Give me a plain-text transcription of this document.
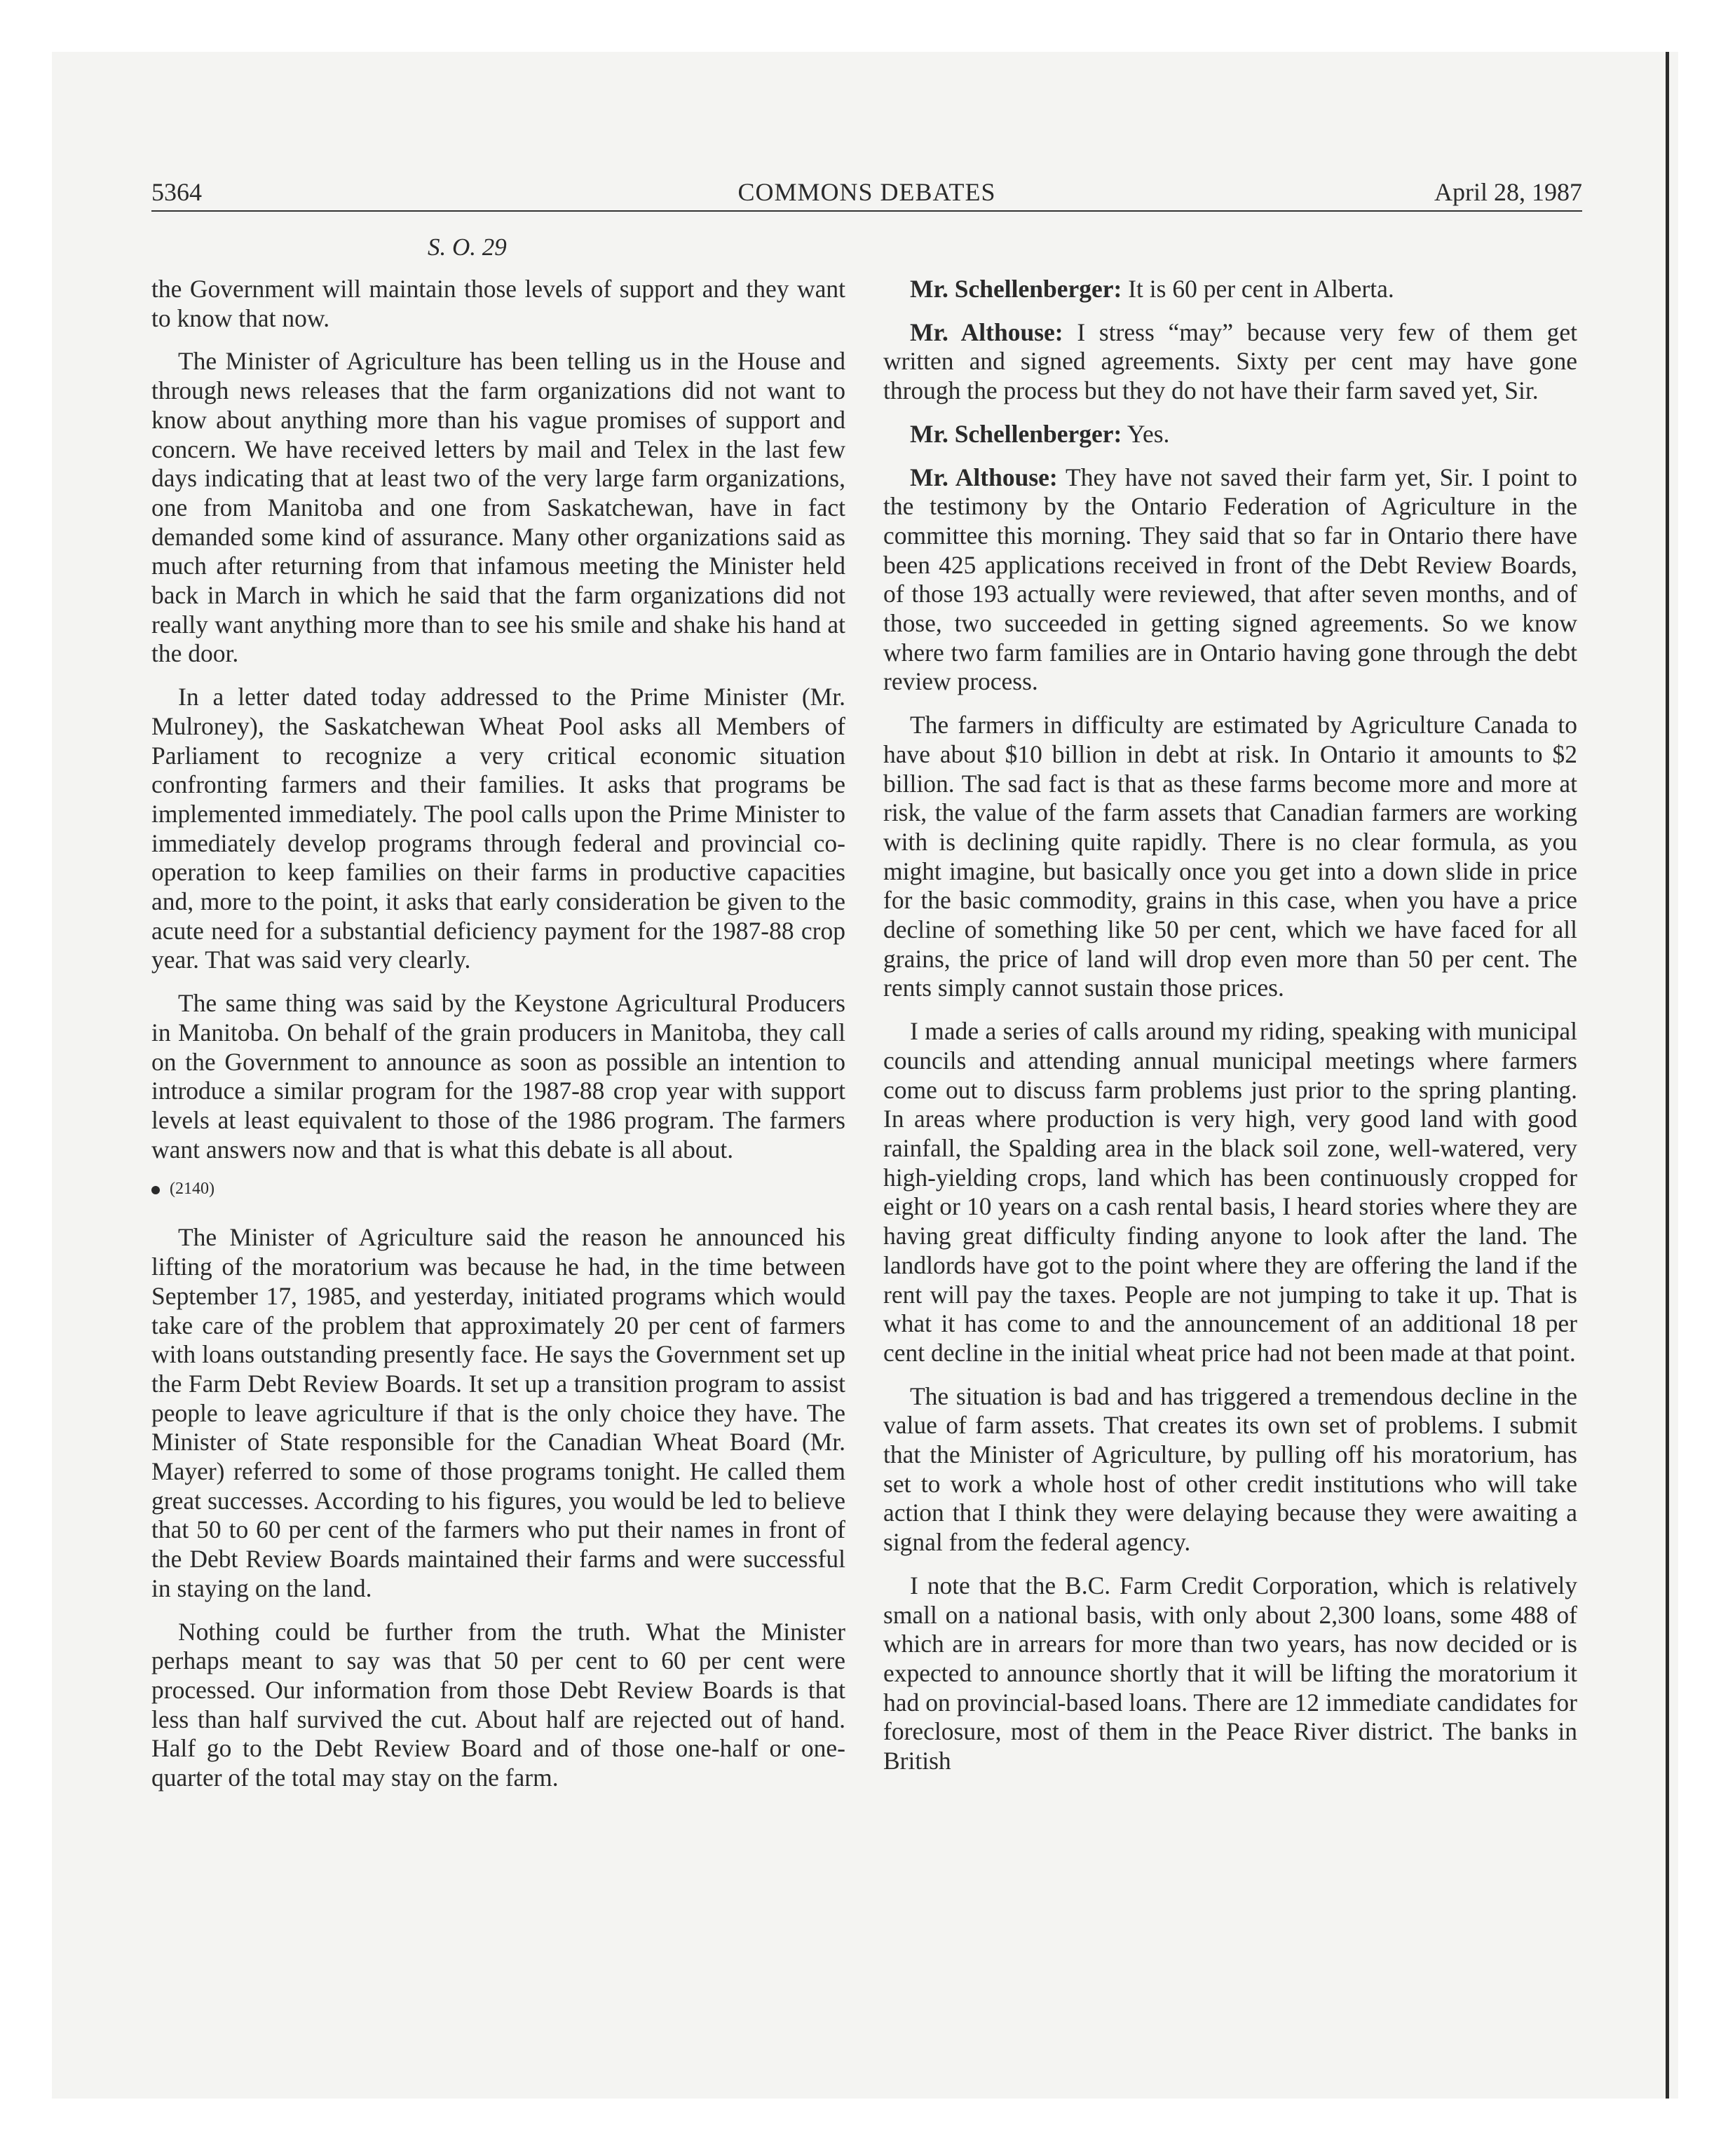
5364	COMMONS DEBATES	April 28, 1987
S. O. 29

the Government will maintain those levels of support and they want to know that now.

The Minister of Agriculture has been telling us in the House and through news releases that the farm organizations did not want to know about anything more than his vague promises of support and concern. We have received letters by mail and Telex in the last few days indicating that at least two of the very large farm organizations, one from Manitoba and one from Saskatchewan, have in fact demanded some kind of assurance. Many other organizations said as much after returning from that infamous meeting the Minister held back in March in which he said that the farm organizations did not really want anything more than to see his smile and shake his hand at the door.

In a letter dated today addressed to the Prime Minister (Mr. Mulroney), the Saskatchewan Wheat Pool asks all Members of Parliament to recognize a very critical economic situation confronting farmers and their families. It asks that programs be implemented immediately. The pool calls upon the Prime Minister to immediately develop programs through federal and provincial co-operation to keep families on their farms in productive capacities and, more to the point, it asks that early consideration be given to the acute need for a substantial deficiency payment for the 1987-88 crop year. That was said very clearly.

The same thing was said by the Keystone Agricultural Producers in Manitoba. On behalf of the grain producers in Manitoba, they call on the Government to announce as soon as possible an intention to introduce a similar program for the 1987-88 crop year with support levels at least equivalent to those of the 1986 program. The farmers want answers now and that is what this debate is all about.

(2140)

The Minister of Agriculture said the reason he announced his lifting of the moratorium was because he had, in the time between September 17, 1985, and yesterday, initiated programs which would take care of the problem that approximately 20 per cent of farmers with loans outstanding presently face. He says the Government set up the Farm Debt Review Boards. It set up a transition program to assist people to leave agriculture if that is the only choice they have. The Minister of State responsible for the Canadian Wheat Board (Mr. Mayer) referred to some of those programs tonight. He called them great successes. According to his figures, you would be led to believe that 50 to 60 per cent of the farmers who put their names in front of the Debt Review Boards maintained their farms and were successful in staying on the land.

Nothing could be further from the truth. What the Minister perhaps meant to say was that 50 per cent to 60 per cent were processed. Our information from those Debt Review Boards is that less than half survived the cut. About half are rejected out of hand. Half go to the Debt Review Board and of those one-half or one-quarter of the total may stay on the farm.

Mr. Schellenberger: It is 60 per cent in Alberta.

Mr. Althouse: I stress “may” because very few of them get written and signed agreements. Sixty per cent may have gone through the process but they do not have their farm saved yet, Sir.

Mr. Schellenberger: Yes.

Mr. Althouse: They have not saved their farm yet, Sir. I point to the testimony by the Ontario Federation of Agriculture in the committee this morning. They said that so far in Ontario there have been 425 applications received in front of the Debt Review Boards, of those 193 actually were reviewed, that after seven months, and of those, two succeeded in getting signed agreements. So we know where two farm families are in Ontario having gone through the debt review process.

The farmers in difficulty are estimated by Agriculture Canada to have about $10 billion in debt at risk. In Ontario it amounts to $2 billion. The sad fact is that as these farms become more and more at risk, the value of the farm assets that Canadian farmers are working with is declining quite rapidly. There is no clear formula, as you might imagine, but basically once you get into a down slide in price for the basic commodity, grains in this case, when you have a price decline of something like 50 per cent, which we have faced for all grains, the price of land will drop even more than 50 per cent. The rents simply cannot sustain those prices.

I made a series of calls around my riding, speaking with municipal councils and attending annual municipal meetings where farmers come out to discuss farm problems just prior to the spring planting. In areas where production is very high, very good land with good rainfall, the Spalding area in the black soil zone, well-watered, very high-yielding crops, land which has been continuously cropped for eight or 10 years on a cash rental basis, I heard stories where they are having great difficulty finding anyone to look after the land. The landlords have got to the point where they are offering the land if the rent will pay the taxes. People are not jumping to take it up. That is what it has come to and the announcement of an additional 18 per cent decline in the initial wheat price had not been made at that point.

The situation is bad and has triggered a tremendous decline in the value of farm assets. That creates its own set of problems. I submit that the Minister of Agriculture, by pulling off his moratorium, has set to work a whole host of other credit institutions who will take action that I think they were delaying because they were awaiting a signal from the federal agency.

I note that the B.C. Farm Credit Corporation, which is relatively small on a national basis, with only about 2,300 loans, some 488 of which are in arrears for more than two years, has now decided or is expected to announce shortly that it will be lifting the moratorium it had on provincial-based loans. There are 12 immediate candidates for foreclosure, most of them in the Peace River district. The banks in British
